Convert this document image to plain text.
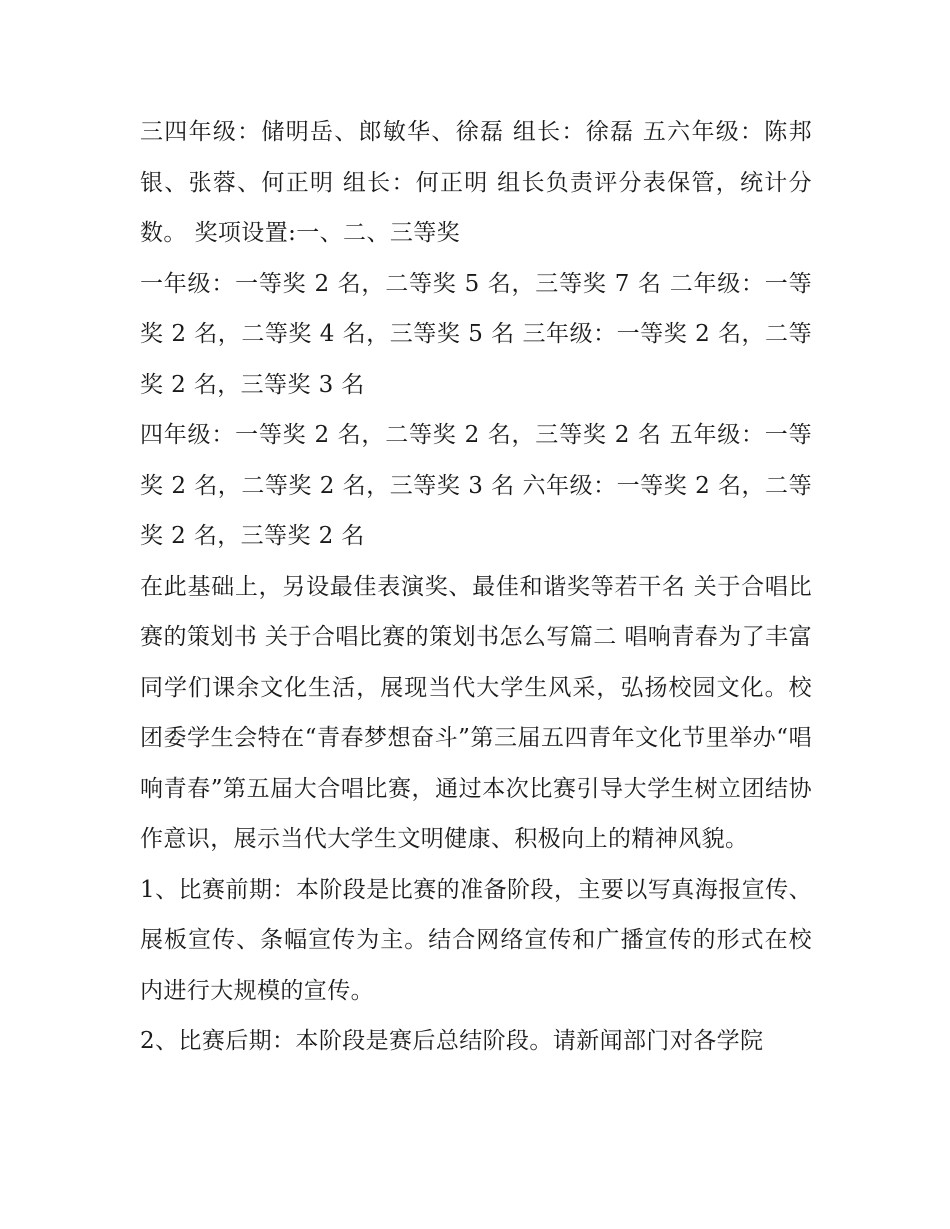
三四年级：储明岳、郎敏华、徐磊 组长：徐磊 五六年级：陈邦银、张蓉、何正明 组长：何正明 组长负责评分表保管，统计分数。 奖项设置:一、二、三等奖

一年级：一等奖 2 名，二等奖 5 名，三等奖 7 名 二年级：一等奖 2 名，二等奖 4 名，三等奖 5 名 三年级：一等奖 2 名，二等奖 2 名，三等奖 3 名

四年级：一等奖 2 名，二等奖 2 名，三等奖 2 名 五年级：一等奖 2 名，二等奖 2 名，三等奖 3 名 六年级：一等奖 2 名，二等奖 2 名，三等奖 2 名

在此基础上，另设最佳表演奖、最佳和谐奖等若干名 关于合唱比赛的策划书 关于合唱比赛的策划书怎么写篇二 唱响青春为了丰富同学们课余文化生活，展现当代大学生风采，弘扬校园文化。校团委学生会特在“青春梦想奋斗”第三届五四青年文化节里举办“唱响青春”第五届大合唱比赛，通过本次比赛引导大学生树立团结协作意识，展示当代大学生文明健康、积极向上的精神风貌。

1、比赛前期：本阶段是比赛的准备阶段，主要以写真海报宣传、展板宣传、条幅宣传为主。结合网络宣传和广播宣传的形式在校内进行大规模的宣传。

2、比赛后期：本阶段是赛后总结阶段。请新闻部门对各学院
